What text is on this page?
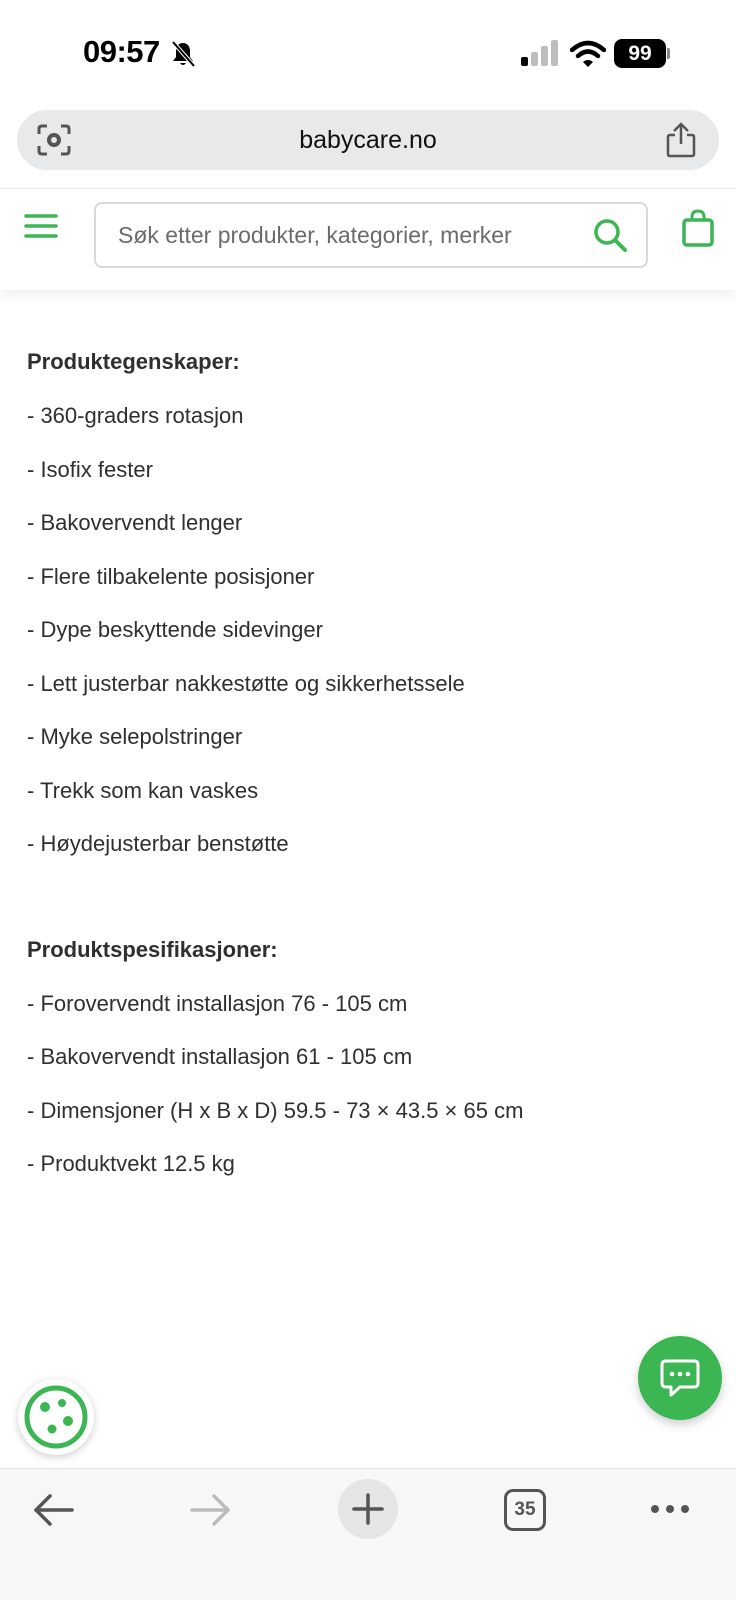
09:57	99
babycare.no
Søk etter produkter, kategorier, merker
Produktegenskaper:
- 360-graders rotasjon
- Isofix fester
- Bakovervendt lenger
- Flere tilbakelente posisjoner
- Dype beskyttende sidevinger
- Lett justerbar nakkestøtte og sikkerhetssele
- Myke selepolstringer
- Trekk som kan vaskes
- Høydejusterbar benstøtte
Produktspesifikasjoner:
- Forovervendt installasjon 76 - 105 cm
- Bakovervendt installasjon 61 - 105 cm
- Dimensjoner (H x B x D) 59.5 - 73 × 43.5 × 65 cm
- Produktvekt 12.5 kg
35
